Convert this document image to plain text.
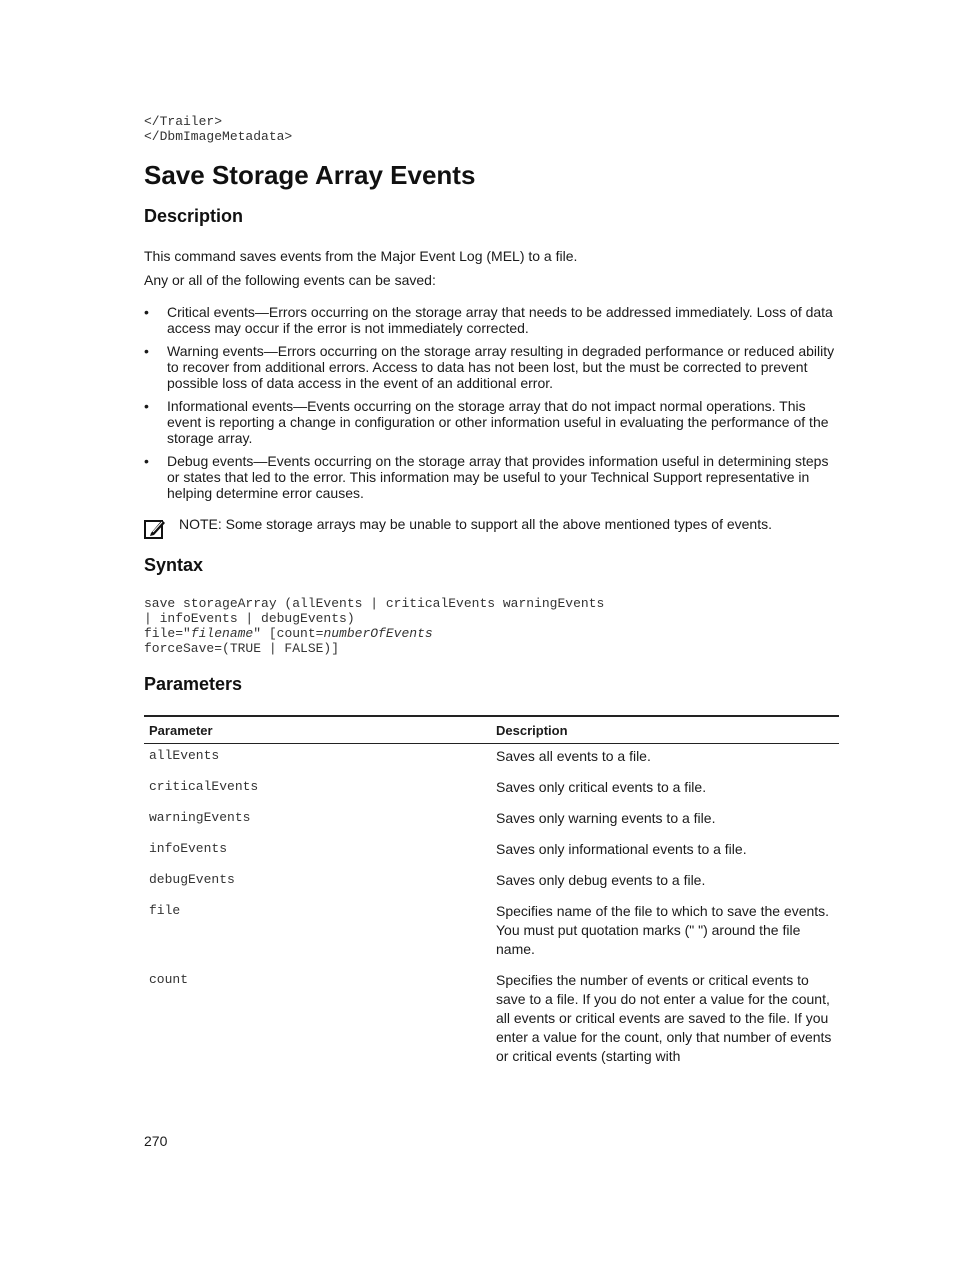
</Trailer>
</DbmImageMetadata>
Save Storage Array Events
Description

This command saves events from the Major Event Log (MEL) to a file.

Any or all of the following events can be saved:

• Critical events—Errors occurring on the storage array that needs to be addressed immediately. Loss of data access may occur if the error is not immediately corrected.
• Warning events—Errors occurring on the storage array resulting in degraded performance or reduced ability to recover from additional errors. Access to data has not been lost, but the must be corrected to prevent possible loss of data access in the event of an additional error.
• Informational events—Events occurring on the storage array that do not impact normal operations. This event is reporting a change in configuration or other information useful in evaluating the performance of the storage array.
• Debug events—Events occurring on the storage array that provides information useful in determining steps or states that led to the error. This information may be useful to your Technical Support representative in helping determine error causes.
NOTE: Some storage arrays may be unable to support all the above mentioned types of events.
Syntax
save storageArray (allEvents | criticalEvents warningEvents
| infoEvents | debugEvents)
file="filename" [count=numberOfEvents
forceSave=(TRUE | FALSE)]
Parameters
Parameter	Description
allEvents	Saves all events to a file.
criticalEvents	Saves only critical events to a file.
warningEvents	Saves only warning events to a file.
infoEvents	Saves only informational events to a file.
debugEvents	Saves only debug events to a file.
file	Specifies name of the file to which to save the events. You must put quotation marks (" ") around the file name.
count	Specifies the number of events or critical events to save to a file. If you do not enter a value for the count, all events or critical events are saved to the file. If you enter a value for the count, only that number of events or critical events (starting with
270
